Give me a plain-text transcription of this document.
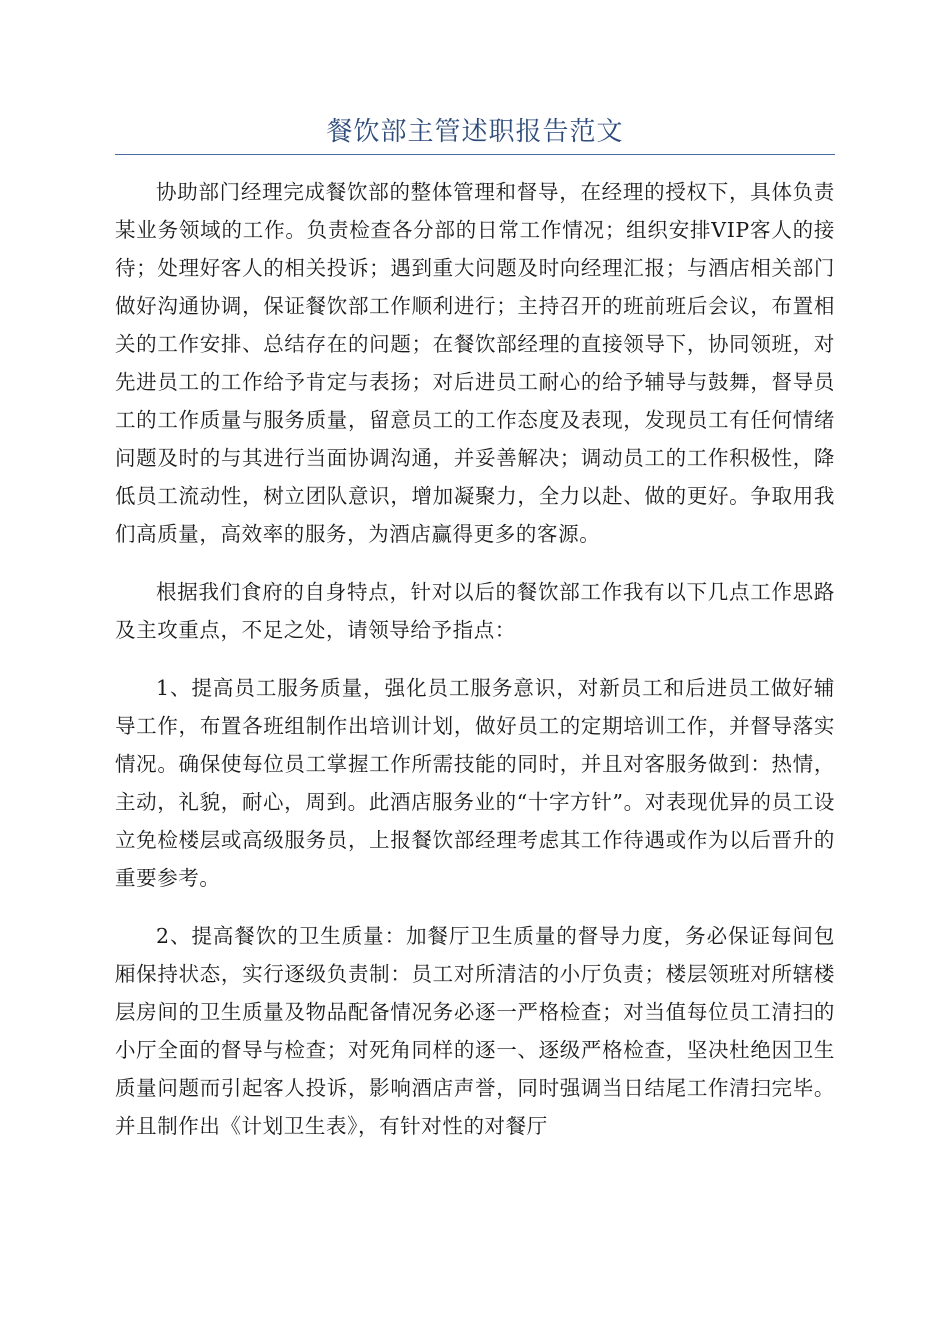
餐饮部主管述职报告范文

协助部门经理完成餐饮部的整体管理和督导，在经理的授权下，具体负责某业务领域的工作。负责检查各分部的日常工作情况；组织安排VIP客人的接待；处理好客人的相关投诉；遇到重大问题及时向经理汇报；与酒店相关部门做好沟通协调，保证餐饮部工作顺利进行；主持召开的班前班后会议，布置相关的工作安排、总结存在的问题；在餐饮部经理的直接领导下，协同领班，对先进员工的工作给予肯定与表扬；对后进员工耐心的给予辅导与鼓舞，督导员工的工作质量与服务质量，留意员工的工作态度及表现，发现员工有任何情绪问题及时的与其进行当面协调沟通，并妥善解决；调动员工的工作积极性，降低员工流动性，树立团队意识，增加凝聚力，全力以赴、做的更好。争取用我们高质量，高效率的服务，为酒店赢得更多的客源。

根据我们食府的自身特点，针对以后的餐饮部工作我有以下几点工作思路及主攻重点，不足之处，请领导给予指点：

1、提高员工服务质量，强化员工服务意识，对新员工和后进员工做好辅导工作，布置各班组制作出培训计划，做好员工的定期培训工作，并督导落实情况。确保使每位员工掌握工作所需技能的同时，并且对客服务做到：热情，主动，礼貌，耐心，周到。此酒店服务业的“十字方针”。对表现优异的员工设立免检楼层或高级服务员，上报餐饮部经理考虑其工作待遇或作为以后晋升的重要参考。

2、提高餐饮的卫生质量：加餐厅卫生质量的督导力度，务必保证每间包厢保持状态，实行逐级负责制：员工对所清洁的小厅负责；楼层领班对所辖楼层房间的卫生质量及物品配备情况务必逐一严格检查；对当值每位员工清扫的小厅全面的督导与检查；对死角同样的逐一、逐级严格检查，坚决杜绝因卫生质量问题而引起客人投诉，影响酒店声誉，同时强调当日结尾工作清扫完毕。并且制作出《计划卫生表》，有针对性的对餐厅
